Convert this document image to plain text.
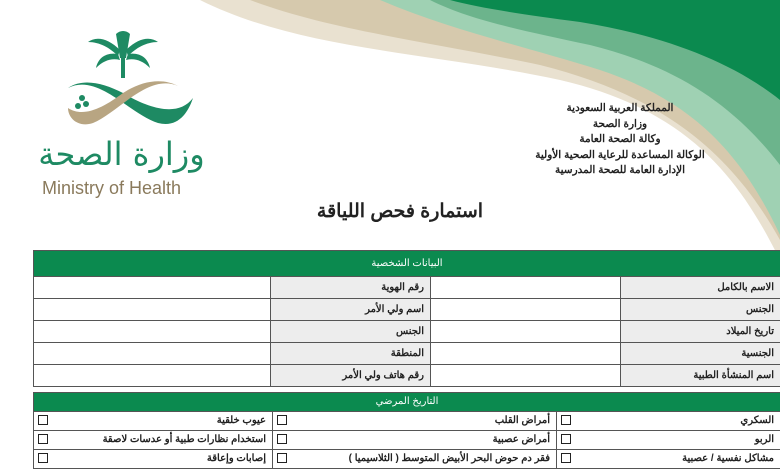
وزارة الصحة
Ministry of Health
المملكة العربية السعودية
وزارة الصحة
وكالة الصحة العامة
الوكالة المساعدة للرعاية الصحية الأولية
الإدارة العامة للصحة المدرسية
استمارة فحص اللياقة
البيانات الشخصية			
	رقم الهوية		الاسم بالكامل
	اسم ولي الأمر		الجنس
	الجنس		تاريخ الميلاد
	المنطقة		الجنسية
	رقم هاتف ولي الأمر		اسم المنشأة الطبية
التاريخ المرضي					
	عيوب خلقية		أمراض القلب		السكري
	استخدام نظارات طبية أو عدسات لاصقة		أمراض عصبية		الربو
	إصابات وإعاقة		فقر دم حوض البحر الأبيض المتوسط ( الثلاسيميا )		مشاكل نفسية / عصبية
